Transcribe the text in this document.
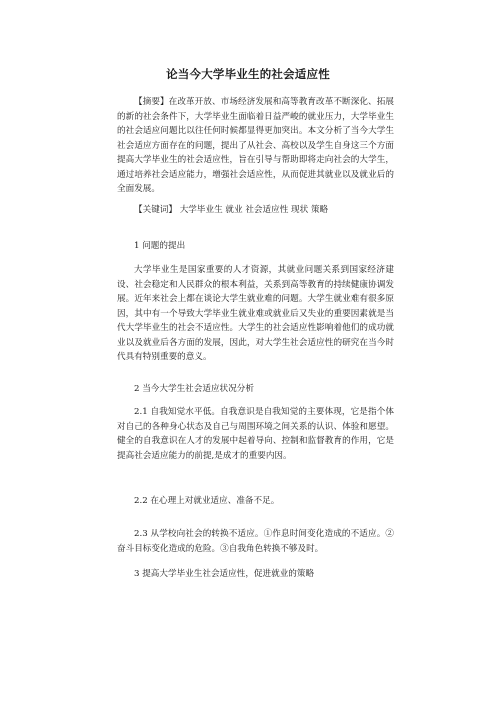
论当今大学毕业生的社会适应性
【摘要】在改革开放、市场经济发展和高等教育改革不断深化、拓展的新的社会条件下，大学毕业生面临着日益严峻的就业压力，大学毕业生的社会适应问题比以往任何时候都显得更加突出。本文分析了当今大学生社会适应方面存在的问题，提出了从社会、高校以及学生自身这三个方面提高大学毕业生的社会适应性，旨在引导与帮助即将走向社会的大学生，通过培养社会适应能力，增强社会适应性，从而促进其就业以及就业后的全面发展。
【关键词】 大学毕业生 就业 社会适应性 现状 策略
1 问题的提出
大学毕业生是国家重要的人才资源，其就业问题关系到国家经济建设、社会稳定和人民群众的根本利益，关系到高等教育的持续健康协调发展。近年来社会上都在谈论大学生就业难的问题。大学生就业难有很多原因，其中有一个导致大学毕业生就业难或就业后又失业的重要因素就是当代大学毕业生的社会不适应性。大学生的社会适应性影响着他们的成功就业以及就业后各方面的发展，因此，对大学生社会适应性的研究在当今时代具有特别重要的意义。
2 当今大学生社会适应状况分析
2.1 自我知觉水平低。自我意识是自我知觉的主要体现，它是指个体对自己的各种身心状态及自己与周围环境之间关系的认识、体验和愿望。健全的自我意识在人才的发展中起着导向、控制和监督教育的作用，它是提高社会适应能力的前提,是成才的重要内因。
2.2 在心理上对就业适应、准备不足。
2.3 从学校向社会的转换不适应。①作息时间变化造成的不适应。②奋斗目标变化造成的危险。③自我角色转换不够及时。
3 提高大学毕业生社会适应性，促进就业的策略
